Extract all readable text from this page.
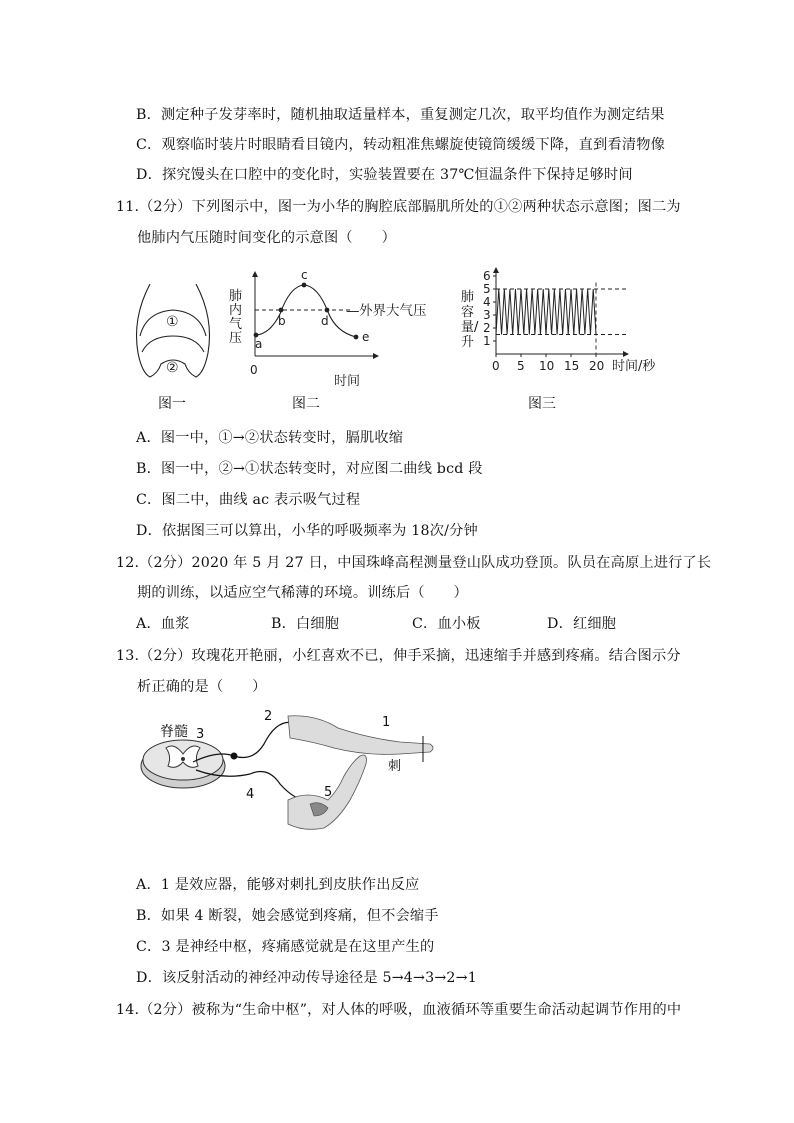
B．测定种子发芽率时，随机抽取适量样本，重复测定几次，取平均值作为测定结果
C．观察临时装片时眼睛看目镜内，转动粗准焦螺旋使镜筒缓缓下降，直到看清物像
D．探究馒头在口腔中的变化时，实验装置要在 37℃恒温条件下保持足够时间
11.（2分）下列图示中，图一为小华的胸腔底部膈肌所处的①②两种状态示意图；图二为
他肺内气压随时间变化的示意图（　　）
①
②
图一
a
b
c
d
e
— 外界大气压
0
时间
肺内气压
图二
肺容量/升 1
2
3
4
5
6
0 5 10 15 20 时间/秒
图三
A．图一中，①→②状态转变时，膈肌收缩
B．图一中，②→①状态转变时，对应图二曲线 bcd 段
C．图二中，曲线 ac 表示吸气过程
D．依据图三可以算出，小华的呼吸频率为 18次/分钟
12.（2分）2020 年 5 月 27 日，中国珠峰高程测量登山队成功登顶。队员在高原上进行了长
期的训练，以适应空气稀薄的环境。训练后（　　）
A．血浆	B．白细胞	C．血小板	D．红细胞
13.（2分）玫瑰花开艳丽，小红喜欢不已，伸手采摘，迅速缩手并感到疼痛。结合图示分
析正确的是（　　）
脊髓 3
2	1
刺
4	5
A．1 是效应器，能够对刺扎到皮肤作出反应
B．如果 4 断裂，她会感觉到疼痛，但不会缩手
C．3 是神经中枢，疼痛感觉就是在这里产生的
D．该反射活动的神经冲动传导途径是 5→4→3→2→1
14.（2分）被称为“生命中枢”，对人体的呼吸，血液循环等重要生命活动起调节作用的中
